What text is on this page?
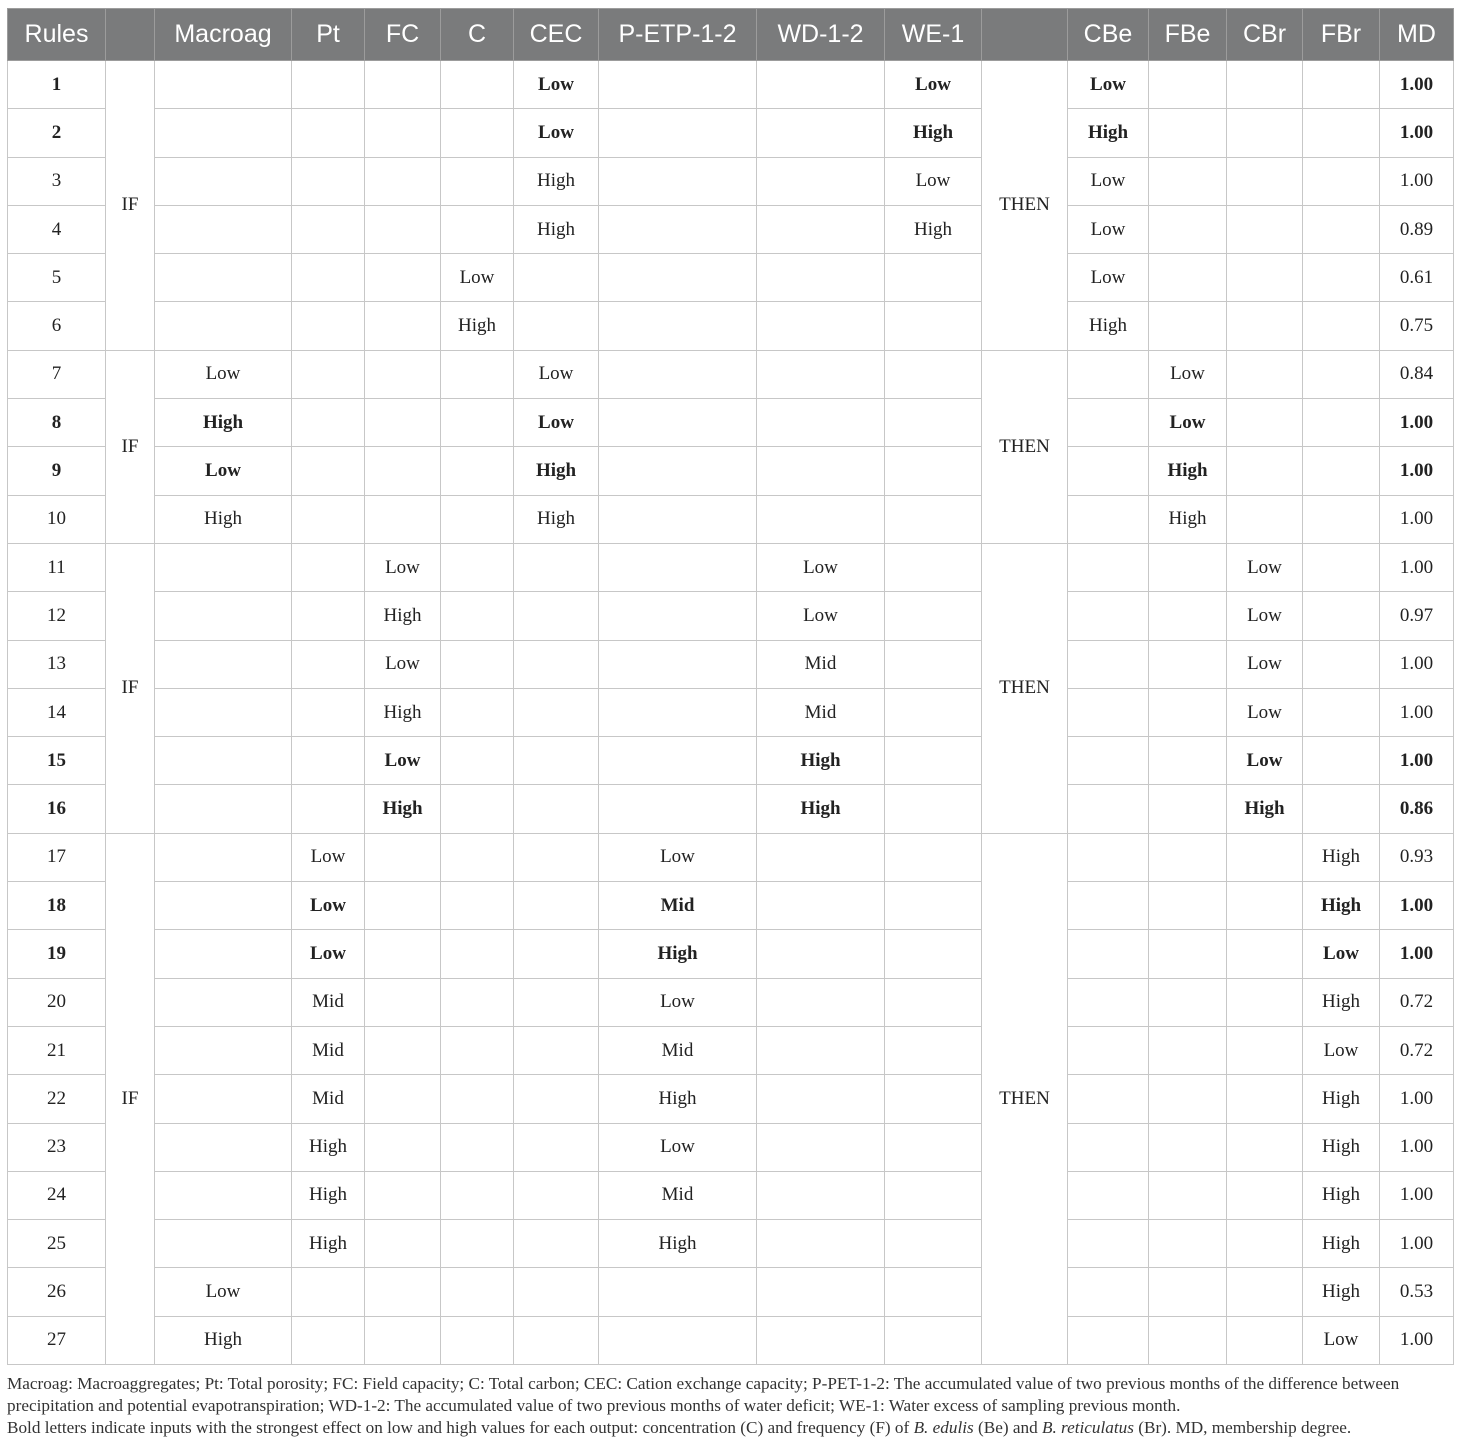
Rules		Macroag	Pt	FC	C	CEC	P-ETP-1-2	WD-1-2	WE-1		CBe	FBe	CBr	FBr	MD
1	IF					Low			Low	THEN	Low				1.00
2						Low			High		High				1.00
3						High			Low		Low				1.00
4						High			High		Low				0.89
5					Low						Low				0.61
6					High						High				0.75
7	IF	Low				Low				THEN		Low			0.84
8		High				Low						Low			1.00
9		Low				High						High			1.00
10		High				High						High			1.00
11	IF			Low				Low		THEN			Low		1.00
12				High				Low					Low		0.97
13				Low				Mid					Low		1.00
14				High				Mid					Low		1.00
15				Low				High					Low		1.00
16				High				High					High		0.86
17	IF		Low				Low			THEN				High	0.93
18			Low				Mid							High	1.00
19			Low				High							Low	1.00
20			Mid				Low							High	0.72
21			Mid				Mid							Low	0.72
22			Mid				High							High	1.00
23			High				Low							High	1.00
24			High				Mid							High	1.00
25			High				High							High	1.00
26		Low												High	0.53
27		High												Low	1.00

Macroag: Macroaggregates; Pt: Total porosity; FC: Field capacity; C: Total carbon; CEC: Cation exchange capacity; P-PET-1-2: The accumulated value of two previous months of the difference between precipitation and potential evapotranspiration; WD-1-2: The accumulated value of two previous months of water deficit; WE-1: Water excess of sampling previous month.

Bold letters indicate inputs with the strongest effect on low and high values for each output: concentration (C) and frequency (F) of B. edulis (Be) and B. reticulatus (Br). MD, membership degree.
